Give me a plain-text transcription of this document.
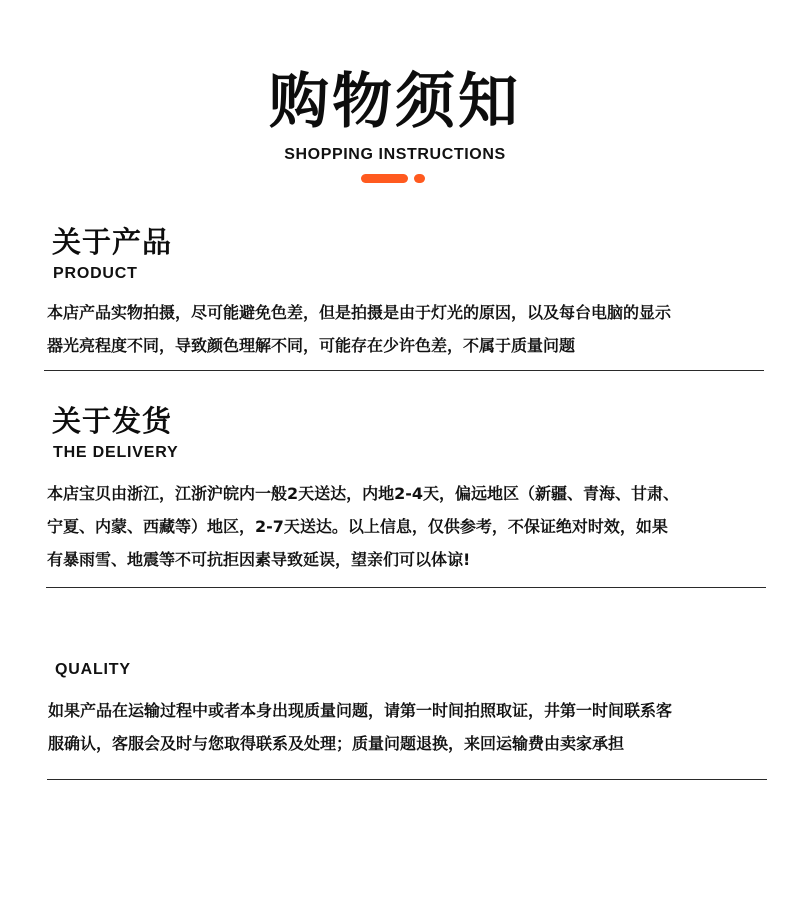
购物须知
SHOPPING INSTRUCTIONS
关于产品
PRODUCT
本店产品实物拍摄，尽可能避免色差，但是拍摄是由于灯光的原因，以及每台电脑的显示
器光亮程度不同，导致颜色理解不同，可能存在少许色差，不属于质量问题
关于发货
THE DELIVERY
本店宝贝由浙江，江浙沪皖内一般2天送达，内地2-4天，偏远地区（新疆、青海、甘肃、
宁夏、内蒙、西藏等）地区，2-7天送达。以上信息，仅供参考，不保证绝对时效，如果
有暴雨雪、地震等不可抗拒因素导致延误，望亲们可以体谅!
QUALITY
如果产品在运输过程中或者本身出现质量问题，请第一时间拍照取证，井第一时间联系客
服确认，客服会及时与您取得联系及处理；质量问题退换，来回运输费由卖家承担
